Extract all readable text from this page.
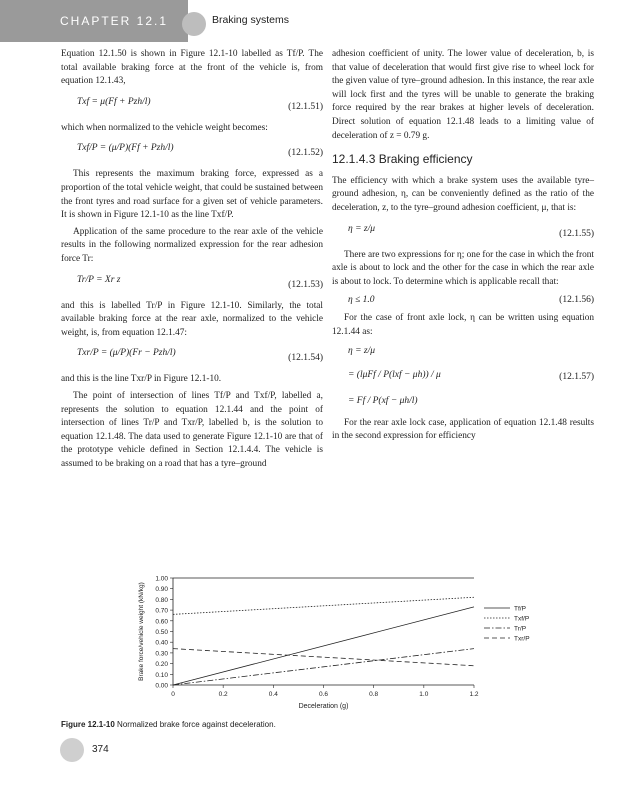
CHAPTER 12.1	Braking systems

Equation 12.1.50 is shown in Figure 12.1-10 labelled as Tf/P. The total available braking force at the front of the vehicle is, from equation 12.1.43,

Txf = μ(Ff + Pzh/l)	(12.1.51)

which when normalized to the vehicle weight becomes:

Txf/P = (μ/P)(Ff + Pzh/l)	(12.1.52)

This represents the maximum braking force, expressed as a proportion of the total vehicle weight, that could be sustained between the front tyres and road surface for a given set of vehicle parameters. It is shown in Figure 12.1-10 as the line Txf/P.

Application of the same procedure to the rear axle of the vehicle results in the following normalized expression for the rear adhesion force Tr:

Tr/P = Xr z	(12.1.53)

and this is labelled Tr/P in Figure 12.1-10. Similarly, the total available braking force at the rear axle, normalized to the vehicle weight, is, from equation 12.1.47:

Txr/P = (μ/P)(Fr − Pzh/l)	(12.1.54)

and this is the line Txr/P in Figure 12.1-10.

The point of intersection of lines Tf/P and Txf/P, labelled a, represents the solution to equation 12.1.44 and the point of intersection of lines Tr/P and Txr/P, labelled b, is the solution to equation 12.1.48. The data used to generate Figure 12.1-10 are that of the prototype vehicle defined in Section 12.1.4.4. The vehicle is assumed to be braking on a road that has a tyre–ground

adhesion coefficient of unity. The lower value of deceleration, b, is that value of deceleration that would first give rise to wheel lock for the given value of tyre–ground adhesion. In this instance, the rear axle will lock first and the tyres will be unable to generate the braking force required by the rear brakes at higher levels of deceleration. Direct solution of equation 12.1.48 leads to a limiting value of deceleration of z = 0.79 g.

12.1.4.3 Braking efficiency

The efficiency with which a brake system uses the available tyre–ground adhesion, η, can be conveniently defined as the ratio of the deceleration, z, to the tyre–ground adhesion coefficient, μ, that is:

η = z/μ	(12.1.55)

There are two expressions for η; one for the case in which the front axle is about to lock and the other for the case in which the rear axle is about to lock. To determine which is applicable recall that:

η ≤ 1.0	(12.1.56)

For the case of front axle lock, η can be written using equation 12.1.44 as:

η = z/μ
= (lμFf / P(lxf − μh)) / μ
= Ff / P(xf − μh/l)
(12.1.57)

For the rear axle lock case, application of equation 12.1.48 results in the second expression for efficiency

0.00
0.10
0.20
0.30
0.40
0.50
0.60
0.70
0.80
0.90
1.00
0	0.2	0.4	0.6	0.8	1.0	1.2
Deceleration (g)
Brake force/vehicle weight (kN/kg)	Tf/P
Txf/P
Tr/P
Txr/P
Figure 12.1-10 Normalized brake force against deceleration.
374
